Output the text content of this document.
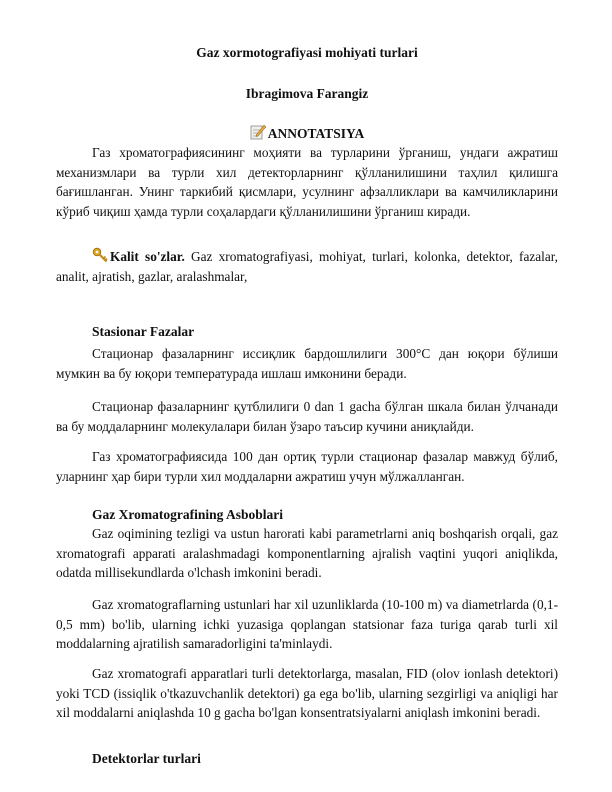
Gaz xormotografiyasi mohiyati turlari
Ibragimova Farangiz
ANNOTATSIYA

Газ хроматографиясининг моҳияти ва турларини ўрганиш, ундаги ажратиш механизмлари ва турли хил детекторларнинг қўлланилишини таҳлил қилишга бағишланган. Унинг таркибий қисмлари, усулнинг афзалликлари ва камчиликларини кўриб чиқиш ҳамда турли соҳалардаги қўлланилишини ўрганиш киради.

Kalit so'zlar. Gaz xromatografiyasi, mohiyat, turlari, kolonka, detektor, fazalar, analit, ajratish, gazlar, aralashmalar,

Stasionar Fazalar

Стационар фазаларнинг иссиқлик бардошлилиги 300°C дан юқори бўлиши мумкин ва бу юқори температурада ишлаш имконини беради.

Стационар фазаларнинг қутблилиги 0 dan 1 gacha бўлган шкала билан ўлчанади ва бу моддаларнинг молекулалари билан ўзаро таъсир кучини аниқлайди.

Газ хроматографиясида 100 дан ортиқ турли стационар фазалар мавжуд бўлиб, уларнинг ҳар бири турли хил моддаларни ажратиш учун мўлжалланган.

Gaz Xromatografining Asboblari

Gaz oqimining tezligi va ustun harorati kabi parametrlarni aniq boshqarish orqali, gaz xromatografi apparati aralashmadagi komponentlarning ajralish vaqtini yuqori aniqlikda, odatda millisekundlarda o'lchash imkonini beradi.

Gaz xromatograflarning ustunlari har xil uzunliklarda (10-100 m) va diametrlarda (0,1-0,5 mm) bo'lib, ularning ichki yuzasiga qoplangan statsionar faza turiga qarab turli xil moddalarning ajratilish samaradorligini ta'minlaydi.

Gaz xromatografi apparatlari turli detektorlarga, masalan, FID (olov ionlash detektori) yoki TCD (issiqlik o'tkazuvchanlik detektori) ga ega bo'lib, ularning sezgirligi va aniqligi har xil moddalarni aniqlashda 10 g gacha bo'lgan konsentratsiyalarni aniqlash imkonini beradi.

Detektorlar turlari
